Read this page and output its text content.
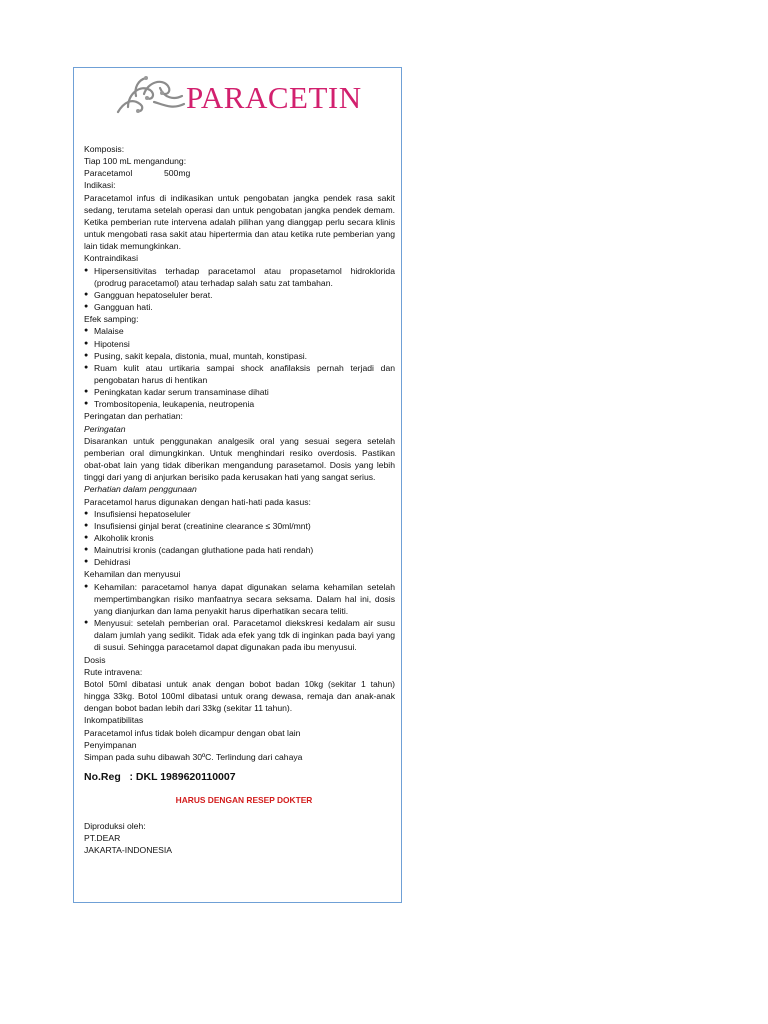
PARACETIN

Komposis:

Tiap 100 mL mengandung:

Paracetamol	500mg

Indikasi:

Paracetamol infus di indikasikan untuk pengobatan jangka pendek rasa sakit sedang, terutama setelah operasi dan untuk pengobatan jangka pendek demam. Ketika pemberian rute intervena adalah pilihan yang dianggap perlu secara klinis untuk mengobati rasa sakit atau hipertermia dan atau ketika rute pemberian yang lain tidak memungkinkan.

Kontraindikasi

● Hipersensitivitas terhadap paracetamol atau propasetamol hidroklorida (prodrug paracetamol) atau terhadap salah satu zat tambahan.
● Gangguan hepatoseluler berat.
● Gangguan hati.

Efek samping:

● Malaise
● Hipotensi
● Pusing, sakit kepala, distonia, mual, muntah, konstipasi.
● Ruam kulit atau urtikaria sampai shock anafilaksis pernah terjadi dan pengobatan harus di hentikan
● Peningkatan kadar serum transaminase dihati
● Trombositopenia, leukapenia, neutropenia

Peringatan dan perhatian:

Peringatan

Disarankan untuk penggunakan analgesik oral yang sesuai segera setelah pemberian oral dimungkinkan. Untuk menghindari resiko overdosis. Pastikan obat-obat lain yang tidak diberikan mengandung parasetamol. Dosis yang lebih tinggi dari yang di anjurkan berisiko pada kerusakan hati yang sangat serius.

Perhatian dalam penggunaan

Paracetamol harus digunakan dengan hati-hati pada kasus:

● Insufisiensi hepatoseluler
● Insufisiensi ginjal berat (creatinine clearance ≤ 30ml/mnt)
● Alkoholik kronis
● Mainutrisi kronis (cadangan gluthatione pada hati rendah)
● Dehidrasi

Kehamilan dan menyusui

● Kehamilan: paracetamol hanya dapat digunakan selama kehamilan setelah mempertimbangkan risiko manfaatnya secara seksama. Dalam hal ini, dosis yang dianjurkan dan lama penyakit harus diperhatikan secara teliti.
● Menyusui: setelah pemberian oral. Paracetamol diekskresi kedalam air susu dalam jumlah yang sedikit. Tidak ada efek yang tdk di inginkan pada bayi yang di susui. Sehingga paracetamol dapat digunakan pada ibu menyusui.

Dosis

Rute intravena:

Botol 50ml dibatasi untuk anak dengan bobot badan 10kg (sekitar 1 tahun) hingga 33kg. Botol 100ml dibatasi untuk orang dewasa, remaja dan anak-anak dengan bobot badan lebih dari 33kg (sekitar 11 tahun).

Inkompatibilitas

Paracetamol infus tidak boleh dicampur dengan obat lain

Penyimpanan

Simpan pada suhu dibawah 30ºC. Terlindung dari cahaya

No.Reg   : DKL 1989620110007

HARUS DENGAN RESEP DOKTER

Diproduksi oleh:

PT.DEAR

JAKARTA-INDONESIA
